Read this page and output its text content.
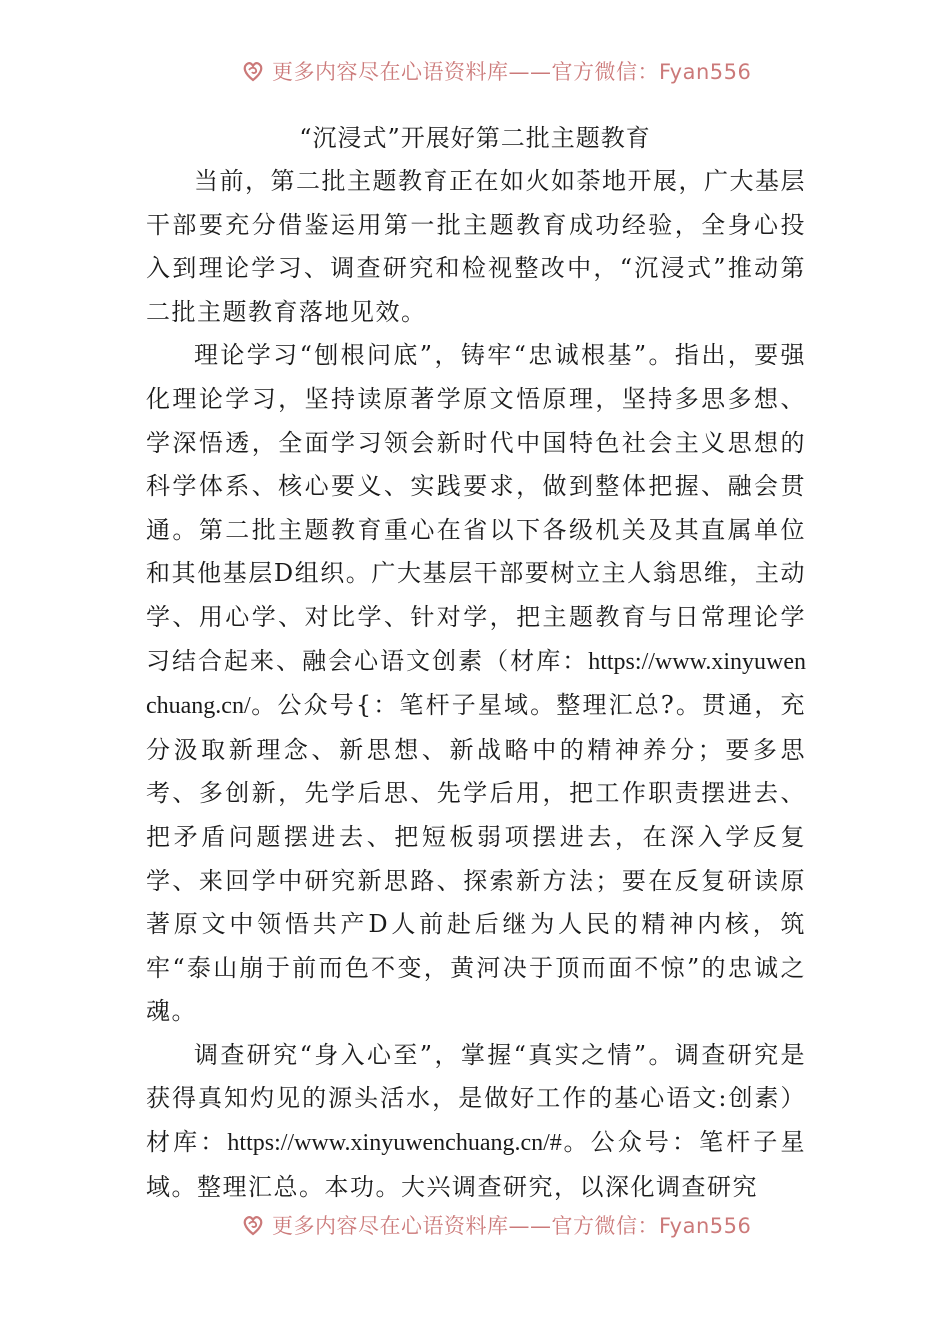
更多内容尽在心语资料库——官方微信：Fyan556
“沉浸式”开展好第二批主题教育

当前，第二批主题教育正在如火如荼地开展，广大基层干部要充分借鉴运用第一批主题教育成功经验，全身心投入到理论学习、调查研究和检视整改中，“沉浸式”推动第二批主题教育落地见效。

理论学习“刨根问底”，铸牢“忠诚根基”。指出，要强化理论学习，坚持读原著学原文悟原理，坚持多思多想、学深悟透，全面学习领会新时代中国特色社会主义思想的科学体系、核心要义、实践要求，做到整体把握、融会贯通。第二批主题教育重心在省以下各级机关及其直属单位和其他基层D组织。广大基层干部要树立主人翁思维，主动学、用心学、对比学、针对学，把主题教育与日常理论学习结合起来、融会心语文创素（材库：https://www.xinyuwenchuang.cn/。公众号{：笔杆子星域。整理汇总?。贯通，充分汲取新理念、新思想、新战略中的精神养分；要多思考、多创新，先学后思、先学后用，把工作职责摆进去、把矛盾问题摆进去、把短板弱项摆进去，在深入学反复学、来回学中研究新思路、探索新方法；要在反复研读原著原文中领悟共产D人前赴后继为人民的精神内核，筑牢“泰山崩于前而色不变，黄河决于顶而面不惊”的忠诚之魂。

调查研究“身入心至”，掌握“真实之情”。调查研究是获得真知灼见的源头活水，是做好工作的基心语文:创素）材库：https://www.xinyuwenchuang.cn/#。公众号：笔杆子星域。整理汇总。本功。大兴调查研究，以深化调查研究

更多内容尽在心语资料库——官方微信：Fyan556
